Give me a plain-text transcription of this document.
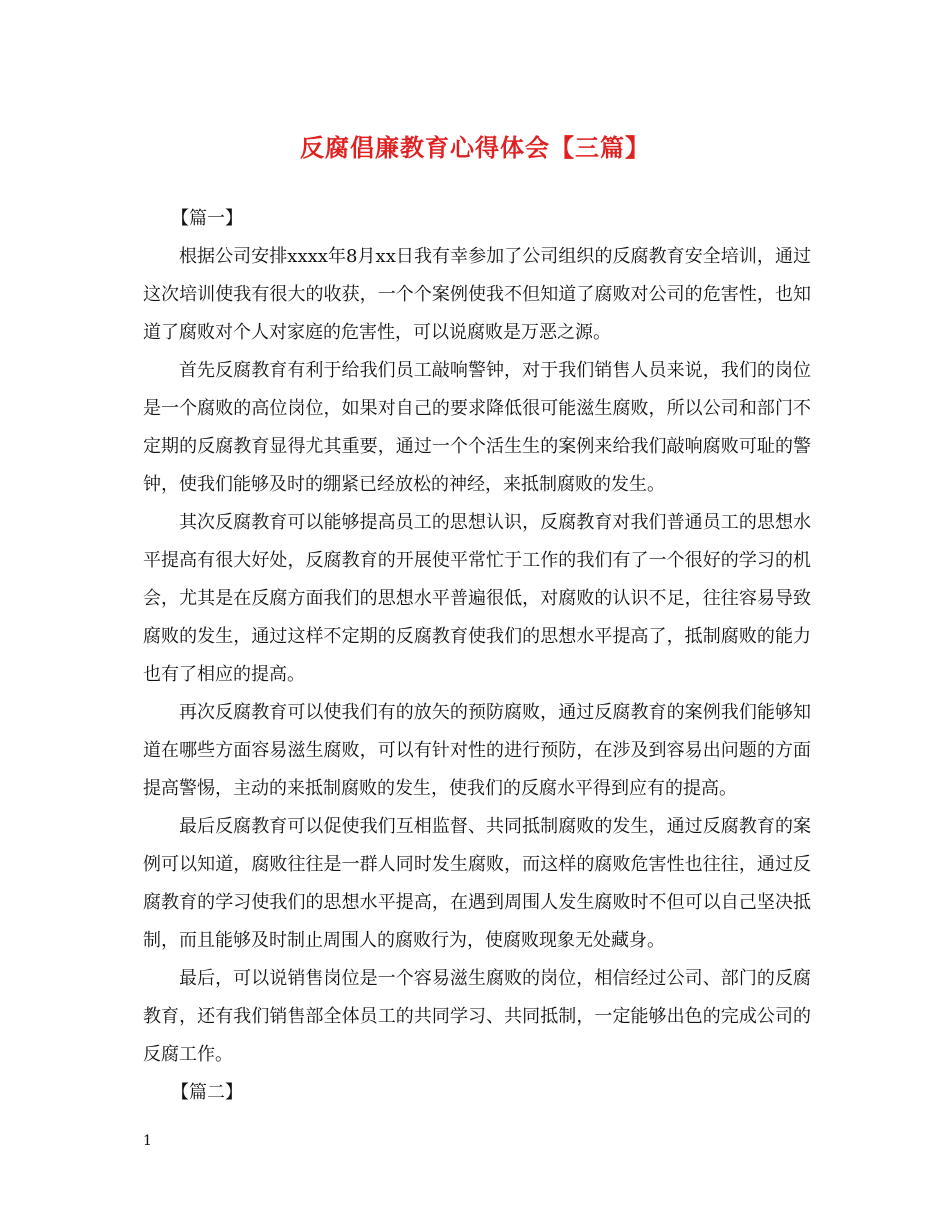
反腐倡廉教育心得体会【三篇】

【篇一】

根据公司安排xxxx年8月xx日我有幸参加了公司组织的反腐教育安全培训，通过这次培训使我有很大的收获，一个个案例使我不但知道了腐败对公司的危害性，也知道了腐败对个人对家庭的危害性，可以说腐败是万恶之源。

首先反腐教育有利于给我们员工敲响警钟，对于我们销售人员来说，我们的岗位是一个腐败的高位岗位，如果对自己的要求降低很可能滋生腐败，所以公司和部门不定期的反腐教育显得尤其重要，通过一个个活生生的案例来给我们敲响腐败可耻的警钟，使我们能够及时的绷紧已经放松的神经，来抵制腐败的发生。

其次反腐教育可以能够提高员工的思想认识，反腐教育对我们普通员工的思想水平提高有很大好处，反腐教育的开展使平常忙于工作的我们有了一个很好的学习的机会，尤其是在反腐方面我们的思想水平普遍很低，对腐败的认识不足，往往容易导致腐败的发生，通过这样不定期的反腐教育使我们的思想水平提高了，抵制腐败的能力也有了相应的提高。

再次反腐教育可以使我们有的放矢的预防腐败，通过反腐教育的案例我们能够知道在哪些方面容易滋生腐败，可以有针对性的进行预防，在涉及到容易出问题的方面提高警惕，主动的来抵制腐败的发生，使我们的反腐水平得到应有的提高。

最后反腐教育可以促使我们互相监督、共同抵制腐败的发生，通过反腐教育的案例可以知道，腐败往往是一群人同时发生腐败，而这样的腐败危害性也往往，通过反腐教育的学习使我们的思想水平提高，在遇到周围人发生腐败时不但可以自己坚决抵制，而且能够及时制止周围人的腐败行为，使腐败现象无处藏身。

最后，可以说销售岗位是一个容易滋生腐败的岗位，相信经过公司、部门的反腐教育，还有我们销售部全体员工的共同学习、共同抵制，一定能够出色的完成公司的反腐工作。

【篇二】

1
